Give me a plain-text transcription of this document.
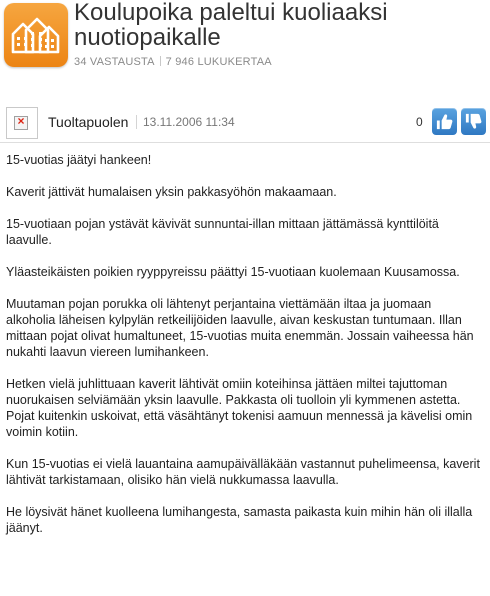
Koulupoika paleltui kuoliaaksi nuotiopaikalle
34 VASTAUSTA 7 946 LUKUKERTAA
× Tuoltapuolen	13.11.2006 11:34	0

15-vuotias jäätyi hankeen!

Kaverit jättivät humalaisen yksin pakkasyöhön makaamaan.

15-vuotiaan pojan ystävät kävivät sunnuntai-illan mittaan jättämässä kynttilöitä laavulle.

Yläasteikäisten poikien ryyppyreissu päättyi 15-vuotiaan kuolemaan Kuusamossa.

Muutaman pojan porukka oli lähtenyt perjantaina viettämään iltaa ja juomaan alkoholia läheisen kylpylän retkeilijöiden laavulle, aivan keskustan tuntumaan. Illan mittaan pojat olivat humaltuneet, 15-vuotias muita enemmän. Jossain vaiheessa hän nukahti laavun viereen lumihankeen.

Hetken vielä juhlittuaan kaverit lähtivät omiin koteihinsa jättäen miltei tajuttoman nuorukaisen selviämään yksin laavulle. Pakkasta oli tuolloin yli kymmenen astetta. Pojat kuitenkin uskoivat, että väsähtänyt tokenisi aamuun mennessä ja kävelisi omin voimin kotiin.

Kun 15-vuotias ei vielä lauantaina aamupäivälläkään vastannut puhelimeensa, kaverit lähtivät tarkistamaan, olisiko hän vielä nukkumassa laavulla.

He löysivät hänet kuolleena lumihangesta, samasta paikasta kuin mihin hän oli illalla jäänyt.
